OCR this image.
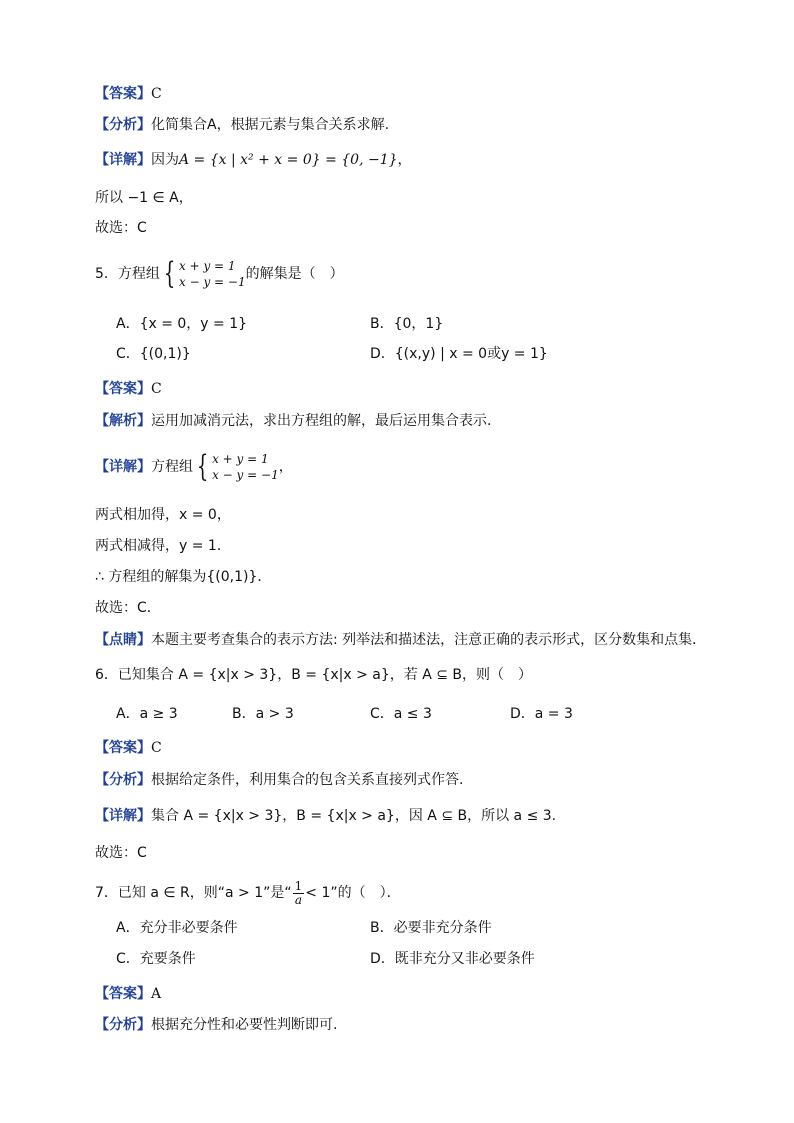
【答案】C
【分析】化简集合A，根据元素与集合关系求解.
【详解】因为A = {x | x² + x = 0} = {0, −1}，
所以 −1 ∈ A，
故选：C
5．方程组 { x + y = 1
x − y = −1 的解集是（　）
A．{x = 0，y = 1}	B．{0，1}
C．{(0,1)}	D．{(x,y) | x = 0或y = 1}
【答案】C
【解析】运用加减消元法，求出方程组的解，最后运用集合表示．
【详解】方程组 { x + y = 1
x − y = −1 ，
两式相加得，x = 0，
两式相减得，y = 1．
∴ 方程组的解集为{(0,1)}．
故选：C．
【点睛】本题主要考查集合的表示方法: 列举法和描述法，注意正确的表示形式，区分数集和点集．
6．已知集合 A = {x|x > 3}，B = {x|x > a}，若 A ⊆ B，则（　）
A．a ≥ 3	B．a > 3	C．a ≤ 3	D．a = 3
【答案】C
【分析】根据给定条件，利用集合的包含关系直接列式作答.
【详解】集合 A = {x|x > 3}，B = {x|x > a}，因 A ⊆ B，所以 a ≤ 3.
故选：C
7．已知 a ∈ R，则“a > 1”是“ $\frac{1}{a} < 1$”的（　）．
A．充分非必要条件	B．必要非充分条件
C．充要条件	D．既非充分又非必要条件
【答案】A
【分析】根据充分性和必要性判断即可.
